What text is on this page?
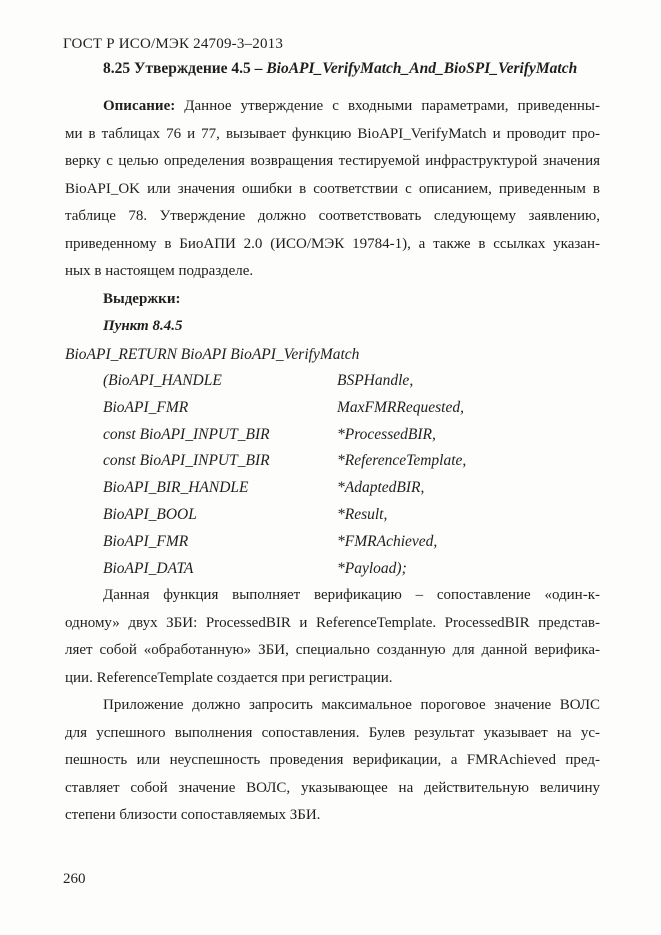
ГОСТ Р ИСО/МЭК 24709-3–2013
8.25 Утверждение 4.5 – BioAPI_VerifyMatch_And_BioSPI_VerifyMatch
Описание: Данное утверждение с входными параметрами, приведенны-
ми в таблицах 76 и 77, вызывает функцию BioAPI_VerifyMatch и проводит про-
верку с целью определения возвращения тестируемой инфраструктурой значения
BioAPI_OK или значения ошибки в соответствии с описанием, приведенным в
таблице 78. Утверждение должно соответствовать следующему заявлению,
приведенному в БиоАПИ 2.0 (ИСО/МЭК 19784-1), а также в ссылках указан-
ных в настоящем подразделе.
Выдержки:
Пункт 8.4.5
BioAPI_RETURN BioAPI BioAPI_VerifyMatch
(BioAPI_HANDLE	BSPHandle,
BioAPI_FMR	MaxFMRRequested,
const BioAPI_INPUT_BIR	*ProcessedBIR,
const BioAPI_INPUT_BIR	*ReferenceTemplate,
BioAPI_BIR_HANDLE	*AdaptedBIR,
BioAPI_BOOL	*Result,
BioAPI_FMR	*FMRAchieved,
BioAPI_DATA	*Payload);
Данная функция выполняет верификацию – сопоставление «один-к-
одному» двух ЗБИ: ProcessedBIR и ReferenceTemplate. ProcessedBIR представ-
ляет собой «обработанную» ЗБИ, специально созданную для данной верифика-
ции. ReferenceTemplate создается при регистрации.
Приложение должно запросить максимальное пороговое значение ВОЛС
для успешного выполнения сопоставления. Булев результат указывает на ус-
пешность или неуспешность проведения верификации, а FMRAchieved пред-
ставляет собой значение ВОЛС, указывающее на действительную величину
степени близости сопоставляемых ЗБИ.
260
